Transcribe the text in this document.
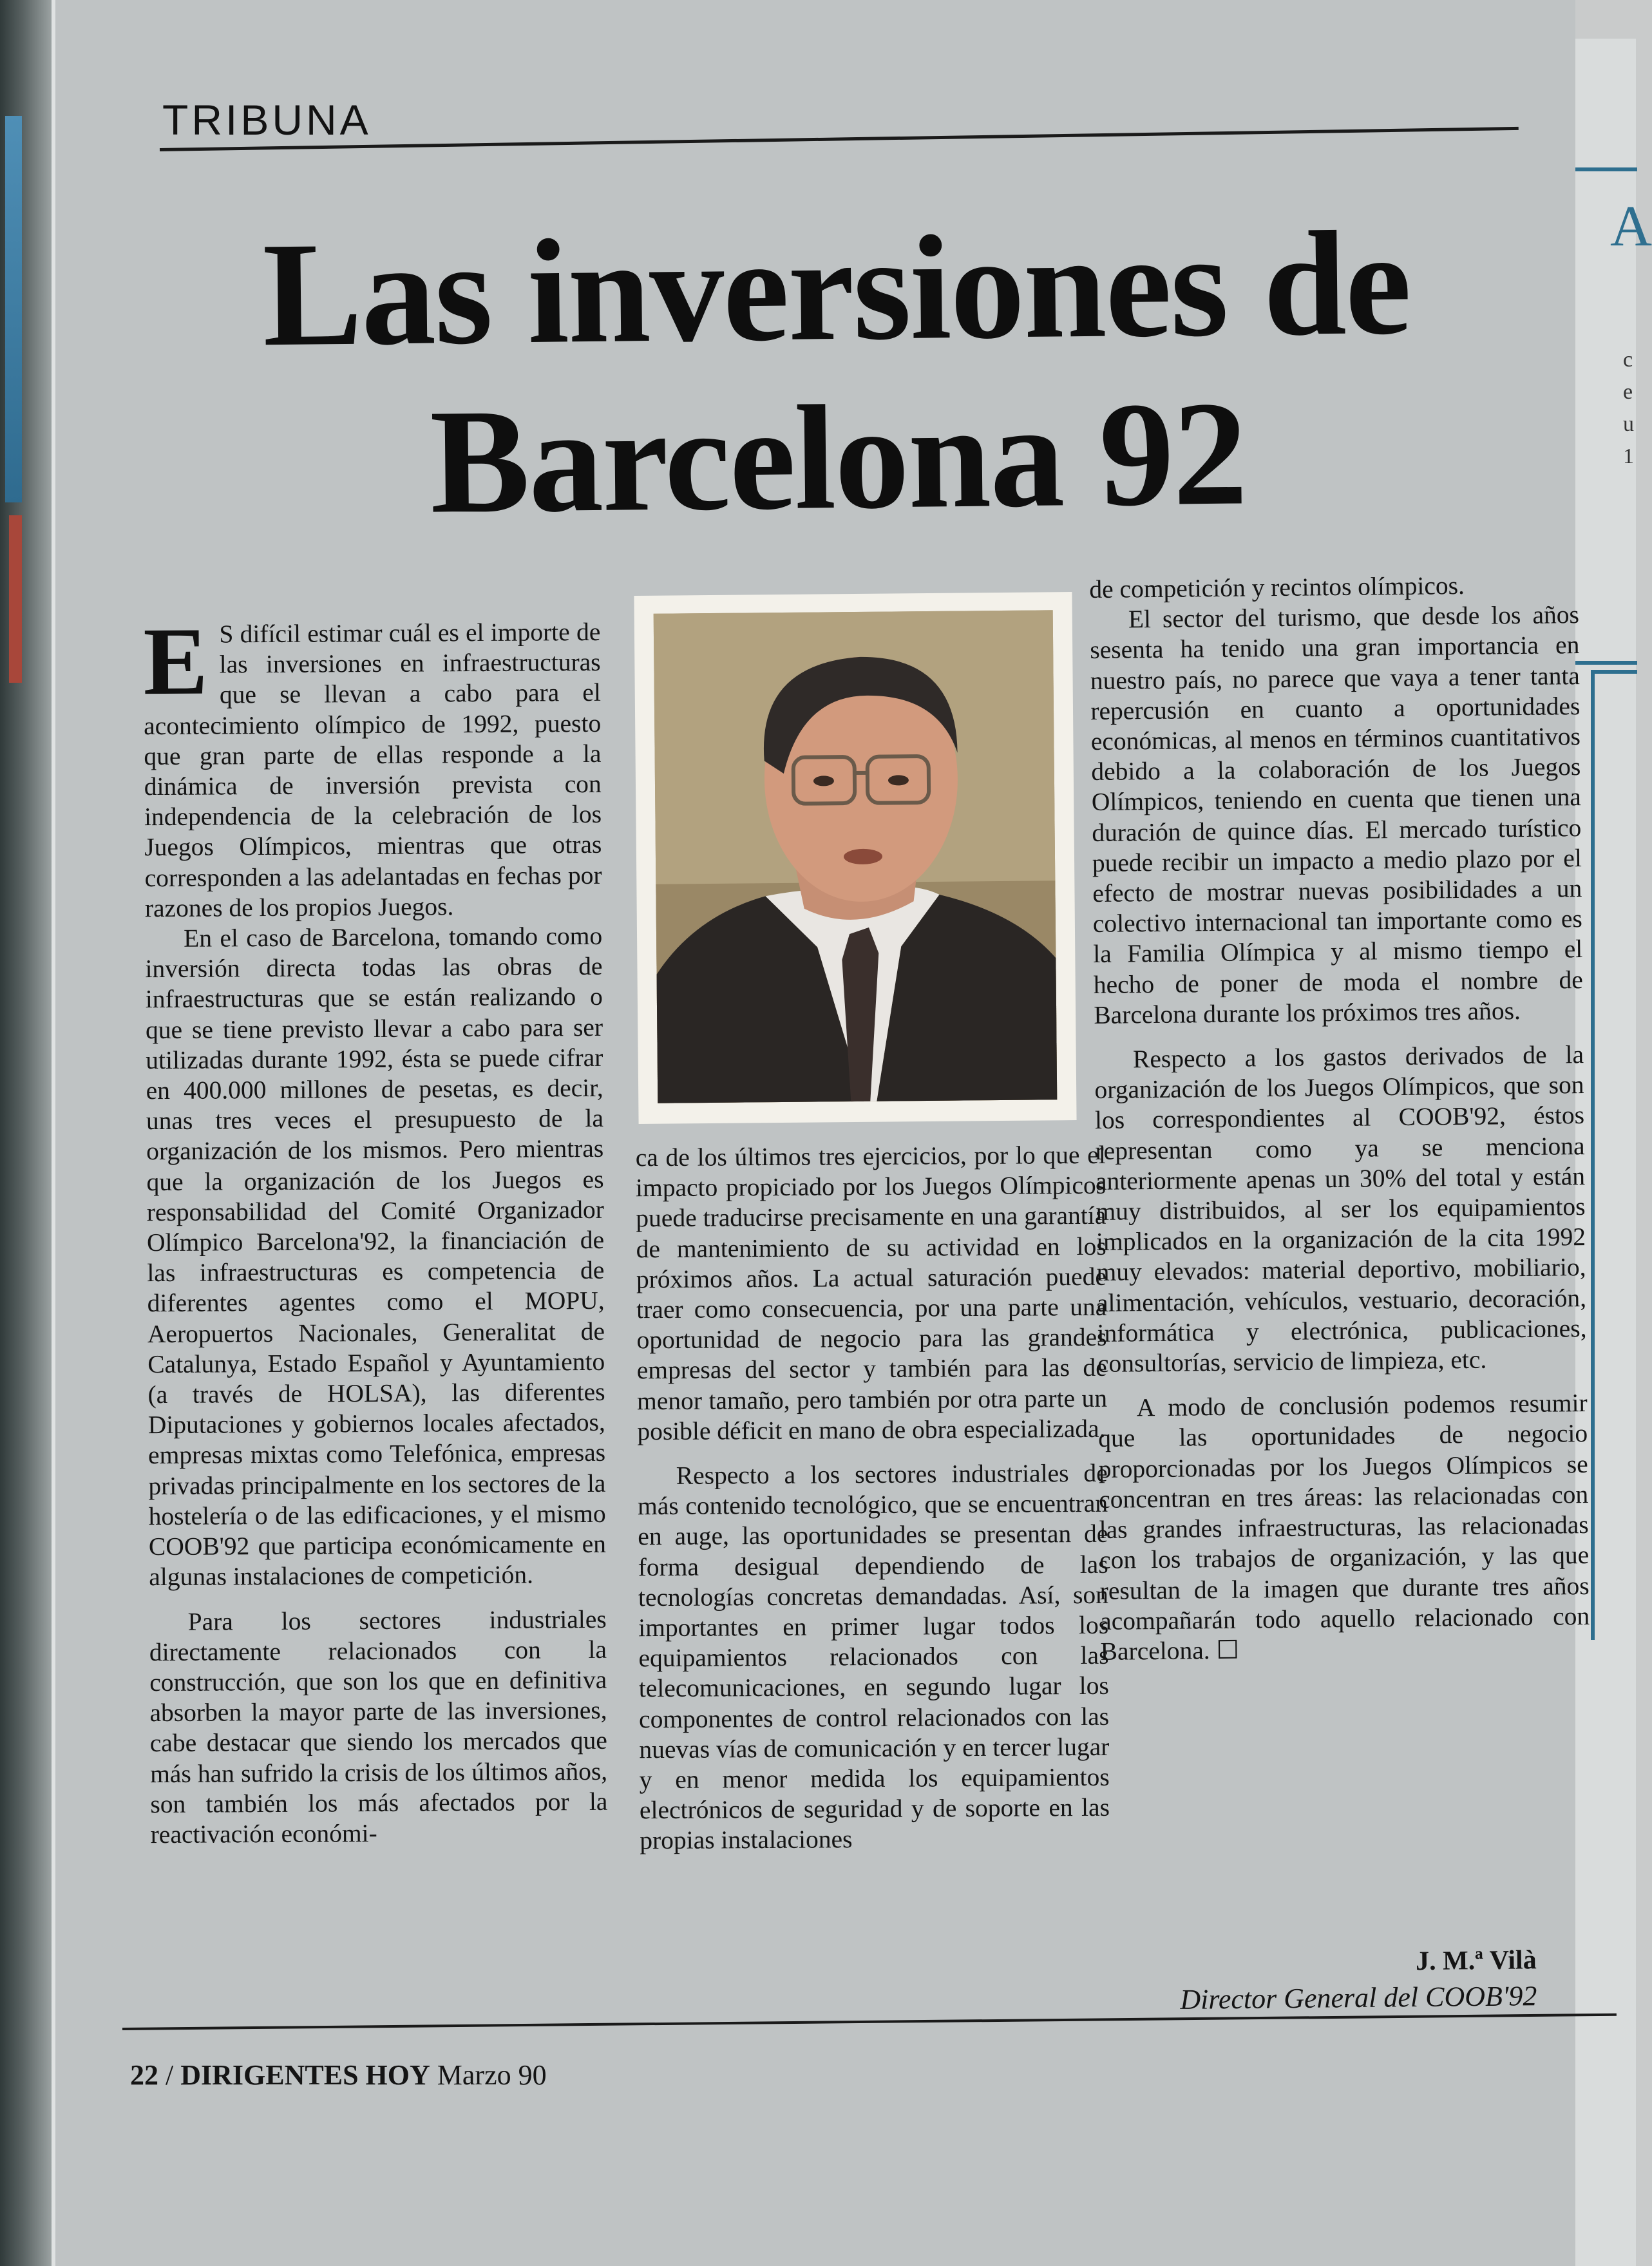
A
c
e
u
1
TRIBUNA
Las inversiones de
Barcelona 92

E S difícil estimar cuál es el importe de las inversiones en infraestructuras que se llevan a cabo para el acontecimiento olímpico de 1992, puesto que gran parte de ellas responde a la dinámica de inversión prevista con independencia de la celebración de los Juegos Olímpicos, mientras que otras corresponden a las adelantadas en fechas por razones de los propios Juegos.

En el caso de Barcelona, tomando como inversión directa todas las obras de infraestructuras que se están realizando o que se tiene previsto llevar a cabo para ser utilizadas durante 1992, ésta se puede cifrar en 400.000 millones de pesetas, es decir, unas tres veces el presupuesto de la organización de los mismos. Pero mientras que la organización de los Juegos es responsabilidad del Comité Organizador Olímpico Barcelona'92, la financiación de las infraestructuras es competencia de diferentes agentes como el MOPU, Aeropuertos Nacionales, Generalitat de Catalunya, Estado Español y Ayuntamiento (a través de HOLSA), las diferentes Diputaciones y gobiernos locales afectados, empresas mixtas como Telefónica, empresas privadas principalmente en los sectores de la hostelería o de las edificaciones, y el mismo COOB'92 que participa económicamente en algunas instalaciones de competición.

Para los sectores industriales directamente relacionados con la construcción, que son los que en definitiva absorben la mayor parte de las inversiones, cabe destacar que siendo los mercados que más han sufrido la crisis de los últimos años, son también los más afectados por la reactivación económi-

ca de los últimos tres ejercicios, por lo que el impacto propiciado por los Juegos Olímpicos puede traducirse precisamente en una garantía de mantenimiento de su actividad en los próximos años. La actual saturación puede traer como consecuencia, por una parte una oportunidad de negocio para las grandes empresas del sector y también para las de menor tamaño, pero también por otra parte un posible déficit en mano de obra especializada.

Respecto a los sectores industriales de más contenido tecnológico, que se encuentran en auge, las oportunidades se presentan de forma desigual dependiendo de las tecnologías concretas demandadas. Así, son importantes en primer lugar todos los equipamientos relacionados con las telecomunicaciones, en segundo lugar los componentes de control relacionados con las nuevas vías de comunicación y en tercer lugar y en menor medida los equipamientos electrónicos de seguridad y de soporte en las propias instalaciones

de competición y recintos olímpicos.

El sector del turismo, que desde los años sesenta ha tenido una gran importancia en nuestro país, no parece que vaya a tener tanta repercusión en cuanto a oportunidades económicas, al menos en términos cuantitativos debido a la colaboración de los Juegos Olímpicos, teniendo en cuenta que tienen una duración de quince días. El mercado turístico puede recibir un impacto a medio plazo por el efecto de mostrar nuevas posibilidades a un colectivo internacional tan importante como es la Familia Olímpica y al mismo tiempo el hecho de poner de moda el nombre de Barcelona durante los próximos tres años.

Respecto a los gastos derivados de la organización de los Juegos Olímpicos, que son los correspondientes al COOB'92, éstos representan como ya se menciona anteriormente apenas un 30% del total y están muy distribuidos, al ser los equipamientos implicados en la organización de la cita 1992 muy elevados: material deportivo, mobiliario, alimentación, vehículos, vestuario, decoración, informática y electrónica, publicaciones, consultorías, servicio de limpieza, etc.

A modo de conclusión podemos resumir que las oportunidades de negocio proporcionadas por los Juegos Olímpicos se concentran en tres áreas: las relacionadas con las grandes infraestructuras, las relacionadas con los trabajos de organización, y las que resultan de la imagen que durante tres años acompañarán todo aquello relacionado con Barcelona. ☐

J. M.ª Vilà
Director General del COOB'92
22 / DIRIGENTES HOY Marzo 90
